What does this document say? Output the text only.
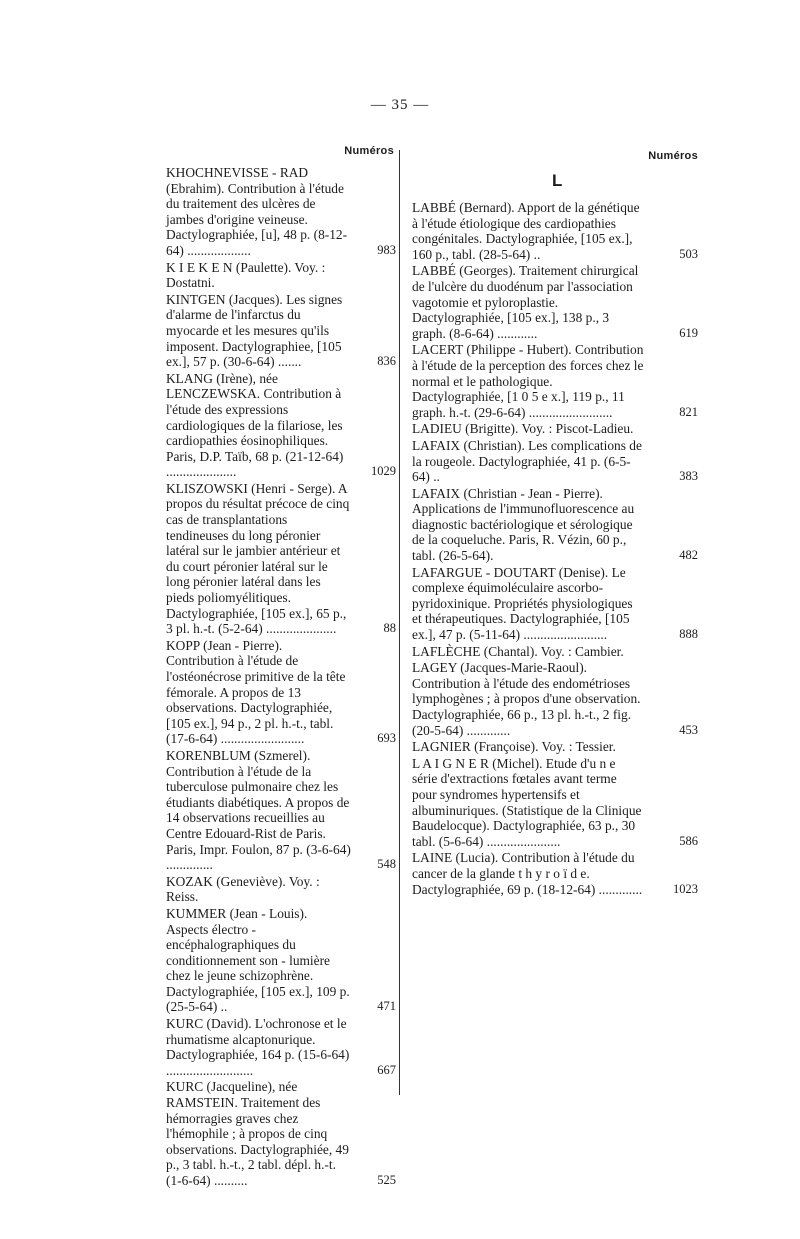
— 35 —
Numéros
KHOCHNEVISSE - RAD (Ebrahim). Contribution à l'étude du traitement des ulcères de jambes d'origine veineuse. Dactylographiée, [u], 48 p. (8-12-64) ...................	983
K I E K E N (Paulette). Voy. : Dostatni.
KINTGEN (Jacques). Les signes d'alarme de l'infarctus du myocarde et les mesures qu'ils imposent. Dactylographiee, [105 ex.], 57 p. (30-6-64) .......	836
KLANG (Irène), née LENCZEWSKA. Contribution à l'étude des expressions cardiologiques de la filariose, les cardiopathies éosinophiliques. Paris, D.P. Taïb, 68 p. (21-12-64) .....................	1029
KLISZOWSKI (Henri - Serge). A propos du résultat précoce de cinq cas de transplantations tendineuses du long péronier latéral sur le jambier antérieur et du court péronier latéral sur le long péronier latéral dans les pieds poliomyélitiques. Dactylographiée, [105 ex.], 65 p., 3 pl. h.-t. (5-2-64) .....................	88
KOPP (Jean - Pierre). Contribution à l'étude de l'ostéonécrose primitive de la tête fémorale. A propos de 13 observations. Dactylographiée, [105 ex.], 94 p., 2 pl. h.-t., tabl. (17-6-64) .........................	693
KORENBLUM (Szmerel). Contribution à l'étude de la tuberculose pulmonaire chez les étudiants diabétiques. A propos de 14 observations recueillies au Centre Edouard-Rist de Paris. Paris, Impr. Foulon, 87 p. (3-6-64) ..............	548
KOZAK (Geneviève). Voy. : Reiss.
KUMMER (Jean - Louis). Aspects électro - encéphalographiques du conditionnement son - lumière chez le jeune schizophrène. Dactylographiée, [105 ex.], 109 p. (25-5-64) ..	471
KURC (David). L'ochronose et le rhumatisme alcaptonurique. Dactylographiée, 164 p. (15-6-64) ..........................	667
KURC (Jacqueline), née RAMSTEIN. Traitement des hémorragies graves chez l'hémophile ; à propos de cinq observations. Dactylographiée, 49 p., 3 tabl. h.-t., 2 tabl. dépl. h.-t. (1-6-64) ..........	525
Numéros
L
LABBÉ (Bernard). Apport de la génétique à l'étude étiologique des cardiopathies congénitales. Dactylographiée, [105 ex.], 160 p., tabl. (28-5-64) ..	503
LABBÉ (Georges). Traitement chirurgical de l'ulcère du duodénum par l'association vagotomie et pyloroplastie. Dactylographiée, [105 ex.], 138 p., 3 graph. (8-6-64) ............	619
LACERT (Philippe - Hubert). Contribution à l'étude de la perception des forces chez le normal et le pathologique. Dactylographiée, [1 0 5 e x.], 119 p., 11 graph. h.-t. (29-6-64) .........................	821
LADIEU (Brigitte). Voy. : Piscot-Ladieu.
LAFAIX (Christian). Les complications de la rougeole. Dactylographiée, 41 p. (6-5-64) ..	383
LAFAIX (Christian - Jean - Pierre). Applications de l'immunofluorescence au diagnostic bactériologique et sérologique de la coqueluche. Paris, R. Vézin, 60 p., tabl. (26-5-64).	482
LAFARGUE - DOUTART (Denise). Le complexe équimoléculaire ascorbo-pyridoxinique. Propriétés physiologiques et thérapeutiques. Dactylographiée, [105 ex.], 47 p. (5-11-64) .........................	888
LAFLÈCHE (Chantal). Voy. : Cambier.
LAGEY (Jacques-Marie-Raoul). Contribution à l'étude des endométrioses lymphogènes ; à propos d'une observation. Dactylographiée, 66 p., 13 pl. h.-t., 2 fig. (20-5-64) .............	453
LAGNIER (Françoise). Voy. : Tessier.
L A I G N E R (Michel). Etude d'u n e série d'extractions fœtales avant terme pour syndromes hypertensifs et albuminuriques. (Statistique de la Clinique Baudelocque). Dactylographiée, 63 p., 30 tabl. (5-6-64) ......................	586
LAINE (Lucia). Contribution à l'étude du cancer de la glande t h y r o ï d e. Dactylographiée, 69 p. (18-12-64) ............. 1023
